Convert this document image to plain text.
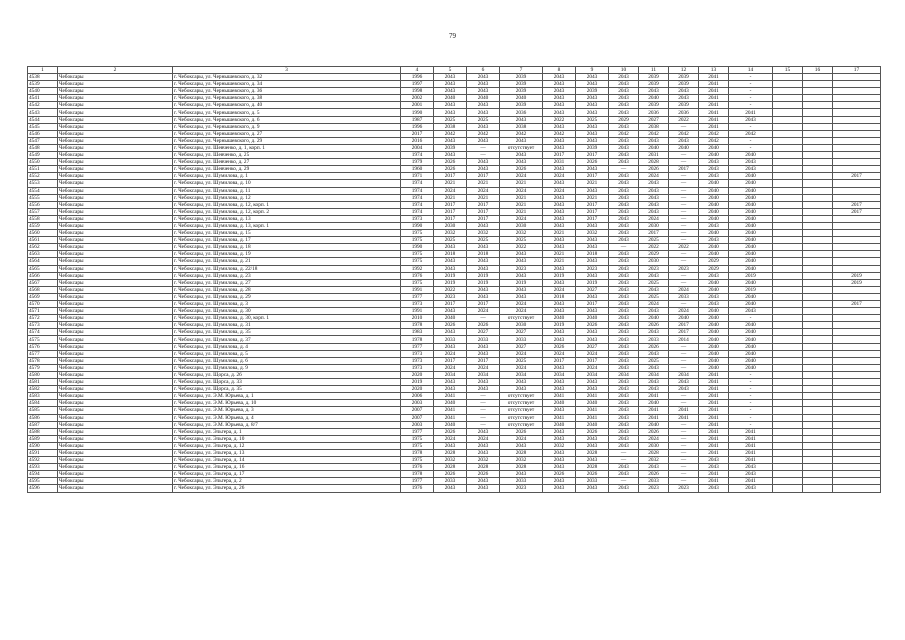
79
1	2	3	4	5	6	7	8	9	10	11	12	13	14	15	16	17
4538	Чебоксары	г. Чебоксары, ул. Чернышевского, д. 32	1996	2043	2043	2039	2043	2043	2043	2039	2039	2041	-			
4539	Чебоксары	г. Чебоксары, ул. Чернышевского, д. 34	1997	2043	2043	2039	2043	2043	2043	2039	2039	2041	-			
4540	Чебоксары	г. Чебоксары, ул. Чернышевского, д. 36	1998	2043	2043	2039	2043	2039	2043	2043	2043	2041	-			
4541	Чебоксары	г. Чебоксары, ул. Чернышевского, д. 38	2002	2040	2040	2040	2043	2043	2043	2040	2043	2041	-			
4542	Чебоксары	г. Чебоксары, ул. Чернышевского, д. 40	2001	2043	2043	2039	2043	2043	2043	2039	2039	2041	-			
4543	Чебоксары	г. Чебоксары, ул. Чернышевского, д. 5	1990	2043	2043	2036	2043	2043	2043	2036	2036	2041	2041			
4544	Чебоксары	г. Чебоксары, ул. Чернышевского, д. 6	1987	2025	2025	2043	2022	2025	2029	2027	2022	2041	2043			
4545	Чебоксары	г. Чебоксары, ул. Чернышевского, д. 9	1996	2038	2043	2038	2043	2043	2043	2038	—	2041	-			
4546	Чебоксары	г. Чебоксары, ул. Чернышевского, д. 27	2017	2042	2042	2042	2042	2043	2042	2042	2042	2042	2042			
4547	Чебоксары	г. Чебоксары, ул. Чернышевского, д. 29	2016	2043	2043	2043	2043	2043	2043	2043	2043	2042	-			
4548	Чебоксары	г. Чебоксары, ул. Шевченко, д. 1, корп. 1	2004	2039	—	отсутствует	2043	2039	2043	2040	2040	2040	-			
4549	Чебоксары	г. Чебоксары, ул. Шевченко, д. 25	1974	2043	—	2043	2017	2017	2043	2031	—	2040	2040			
4550	Чебоксары	г. Чебоксары, ул. Шевченко, д. 27	1979	2026	2043	2043	2031	2026	2043	2028	—	2043	2043			
4551	Чебоксары	г. Чебоксары, ул. Шевченко, д. 29	1960	2026	2043	2026	2043	2043	—	2026	2017	2043	2043			
4552	Чебоксары	г. Чебоксары, ул. Шумилова, д. 1	1971	2017	2017	2024	2024	2017	2043	2024	—	2043	2040			2017
4553	Чебоксары	г. Чебоксары, ул. Шумилова, д. 10	1974	2021	2021	2021	2043	2021	2043	2043	—	2040	2040			
4554	Чебоксары	г. Чебоксары, ул. Шумилова, д. 11	1974	2024	2024	2024	2024	2043	2043	2043	—	2040	2040			
4555	Чебоксары	г. Чебоксары, ул. Шумилова, д. 12	1974	2021	2021	2021	2043	2021	2043	2043	—	2040	2040			
4556	Чебоксары	г. Чебоксары, ул. Шумилова, д. 12, корп. 1	1974	2017	2017	2021	2043	2017	2043	2043	—	2040	2040			2017
4557	Чебоксары	г. Чебоксары, ул. Шумилова, д. 12, корп. 2	1974	2017	2017	2021	2043	2017	2043	2043	—	2040	2040			2017
4558	Чебоксары	г. Чебоксары, ул. Шумилова, д. 13	1973	2017	2017	2024	2043	2017	2043	2024	—	2040	2040			
4559	Чебоксары	г. Чебоксары, ул. Шумилова, д. 13, корп. 1	1990	2030	2043	2030	2043	2043	2043	2030	—	2043	2040			
4560	Чебоксары	г. Чебоксары, ул. Шумилова, д. 15	1975	2032	2032	2032	2021	2032	2043	2017	—	2040	2040			
4561	Чебоксары	г. Чебоксары, ул. Шумилова, д. 17	1975	2025	2025	2025	2043	2043	2043	2025	—	2043	2040			
4562	Чебоксары	г. Чебоксары, ул. Шумилова, д. 18	1990	2043	2043	2022	2043	2043	—	2022	2022	2040	2040			
4563	Чебоксары	г. Чебоксары, ул. Шумилова, д. 19	1975	2018	2018	2043	2021	2018	2043	2029	—	2040	2040			
4564	Чебоксары	г. Чебоксары, ул. Шумилова, д. 21	1975	2043	2043	2043	2021	2043	2043	2030	—	2029	2040			
4565	Чебоксары	г. Чебоксары, ул. Шумилова, д. 22/18	1992	2043	2043	2023	2043	2023	2043	2023	2023	2029	2040			
4566	Чебоксары	г. Чебоксары, ул. Шумилова, д. 23	1976	2019	2019	2043	2019	2043	2043	2043	—	2043	2019			2019
4567	Чебоксары	г. Чебоксары, ул. Шумилова, д. 27	1975	2019	2019	2019	2043	2019	2043	2025	—	2040	2040			2019
4568	Чебоксары	г. Чебоксары, ул. Шумилова, д. 28	1991	2022	2043	2043	2024	2027	2043	2043	2024	2040	2019			
4569	Чебоксары	г. Чебоксары, ул. Шумилова, д. 29	1977	2023	2043	2043	2018	2043	2043	2025	2033	2043	2040			
4570	Чебоксары	г. Чебоксары, ул. Шумилова, д. 3	1973	2017	2017	2024	2043	2017	2043	2024	—	2043	2040			2017
4571	Чебоксары	г. Чебоксары, ул. Шумилова, д. 30	1991	2043	2024	2024	2043	2043	2043	2043	2024	2040	2043			
4572	Чебоксары	г. Чебоксары, ул. Шумилова, д. 30, корп. 1	2010	2040	—	отсутствует	2040	2040	2043	2040	2040	2040	-			
4573	Чебоксары	г. Чебоксары, ул. Шумилова, д. 31	1978	2026	2026	2030	2019	2026	2043	2026	2017	2040	2040			
4574	Чебоксары	г. Чебоксары, ул. Шумилова, д. 35	1983	2043	2027	2027	2043	2043	2043	2043	2017	2040	2040			
4575	Чебоксары	г. Чебоксары, ул. Шумилова, д. 37	1978	2033	2033	2033	2043	2043	2043	2033	2014	2040	2040			
4576	Чебоксары	г. Чебоксары, ул. Шумилова, д. 4	1977	2043	2043	2027	2026	2027	2043	2026	—	2040	2040			
4577	Чебоксары	г. Чебоксары, ул. Шумилова, д. 5	1973	2024	2043	2024	2024	2024	2043	2043	—	2040	2040			
4578	Чебоксары	г. Чебоксары, ул. Шумилова, д. 6	1973	2017	2017	2025	2017	2017	2043	2025	—	2040	2040			
4579	Чебоксары	г. Чебоксары, ул. Шумилова, д. 9	1973	2024	2024	2024	2043	2024	2043	2043	—	2040	2040			
4580	Чебоксары	г. Чебоксары, ул. Щорса, д. 26	2020	2034	2034	2034	2034	2034	2034	2034	2034	2041	-			
4581	Чебоксары	г. Чебоксары, ул. Щорса, д. 33	2019	2043	2043	2043	2043	2043	2043	2043	2043	2041	-			
4582	Чебоксары	г. Чебоксары, ул. Щорса, д. 35	2020	2043	2043	2043	2043	2043	2043	2043	2043	2041	-			
4583	Чебоксары	г. Чебоксары, ул. Э.М. Юрьева, д. 1	2006	2041	—	отсутствует	2041	2041	2043	2041	—	2041	-			
4584	Чебоксары	г. Чебоксары, ул. Э.М. Юрьева, д. 10	2003	2040	—	отсутствует	2040	2040	2043	2040	—	2041	-			
4585	Чебоксары	г. Чебоксары, ул. Э.М. Юрьева, д. 3	2007	2041	—	отсутствует	2043	2041	2043	2041	2041	2041	-			
4586	Чебоксары	г. Чебоксары, ул. Э.М. Юрьева, д. 4	2007	2041	—	отсутствует	2041	2041	2043	2041	2041	2041	-			
4587	Чебоксары	г. Чебоксары, ул. Э.М. Юрьева, д. 8/7	2003	2040	—	отсутствует	2040	2040	2043	2040	—	2041	-			
4588	Чебоксары	г. Чебоксары, ул. Эльгера, д. 1	1977	2026	2043	2026	2043	2026	2043	2026	—	2041	2041			
4589	Чебоксары	г. Чебоксары, ул. Эльгера, д. 10	1975	2024	2024	2024	2043	2043	2043	2024	—	2041	2041			
4590	Чебоксары	г. Чебоксары, ул. Эльгера, д. 12	1975	2043	2043	2043	2032	2043	2043	2030	—	2041	2041			
4591	Чебоксары	г. Чебоксары, ул. Эльгера, д. 13	1978	2028	2043	2028	2043	2028	—	2028	—	2041	2041			
4592	Чебоксары	г. Чебоксары, ул. Эльгера, д. 14	1975	2032	2032	2032	2043	2043	—	2032	—	2043	2041			
4593	Чебоксары	г. Чебоксары, ул. Эльгера, д. 16	1976	2028	2028	2028	2043	2028	2043	2043	—	2043	2043			
4594	Чебоксары	г. Чебоксары, ул. Эльгера, д. 17	1978	2026	2026	2043	2026	2026	2043	2026	—	2041	2043			
4595	Чебоксары	г. Чебоксары, ул. Эльгера, д. 2	1977	2033	2043	2033	2043	2033	—	2033	—	2041	2041			
4596	Чебоксары	г. Чебоксары, ул. Эльгера, д. 26	1976	2043	2043	2023	2043	2043	2043	2023	2023	2043	2043			
